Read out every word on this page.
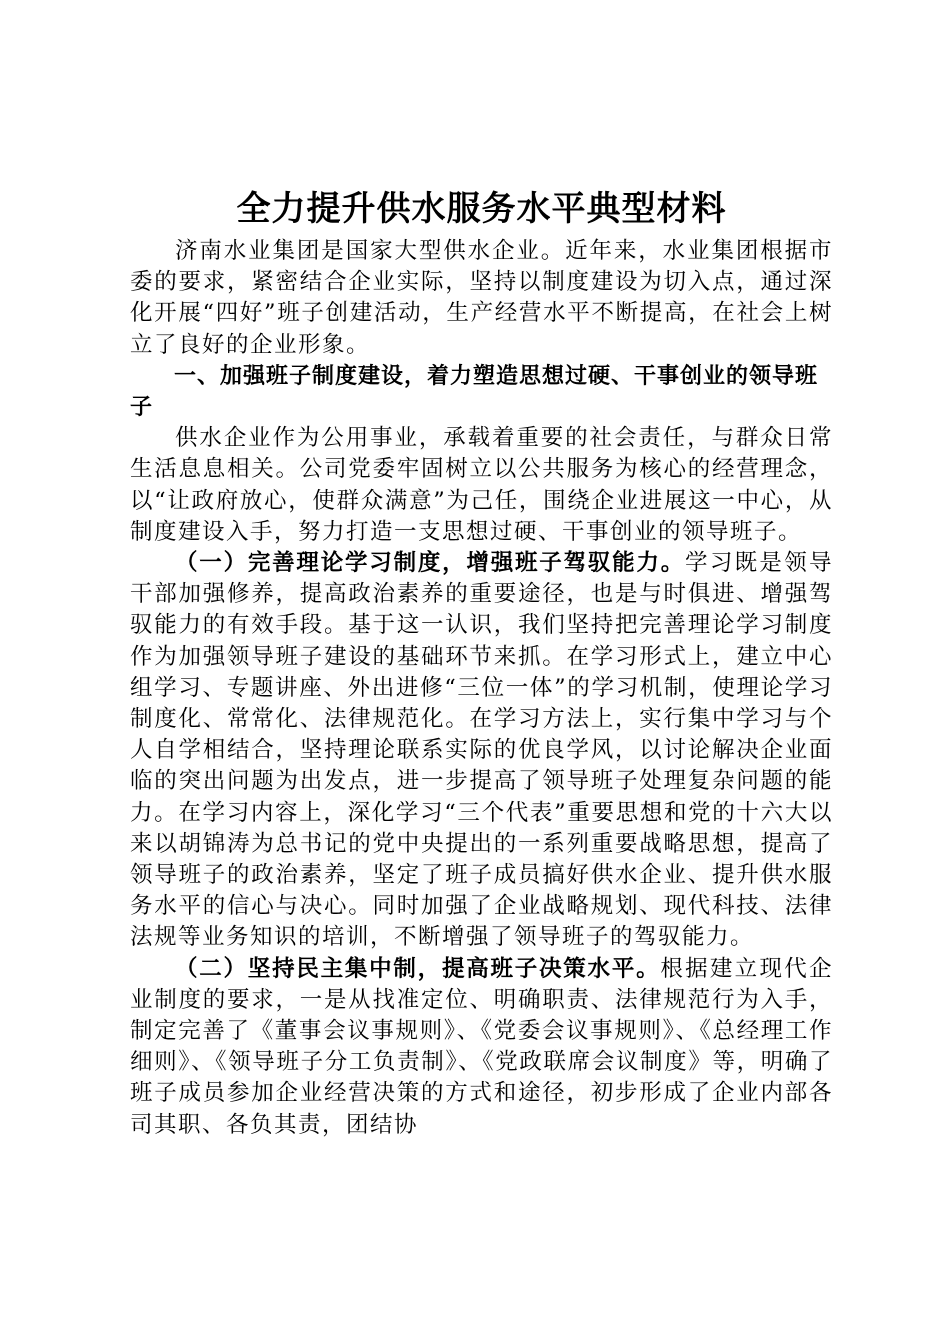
全力提升供水服务水平典型材料

济南水业集团是国家大型供水企业。近年来，水业集团根据市委的要求，紧密结合企业实际，坚持以制度建设为切入点，通过深化开展“四好”班子创建活动，生产经营水平不断提高，在社会上树立了良好的企业形象。

一、加强班子制度建设，着力塑造思想过硬、干事创业的领导班子

供水企业作为公用事业，承载着重要的社会责任，与群众日常生活息息相关。公司党委牢固树立以公共服务为核心的经营理念，以“让政府放心，使群众满意”为己任，围绕企业进展这一中心，从制度建设入手，努力打造一支思想过硬、干事创业的领导班子。

（一）完善理论学习制度，增强班子驾驭能力。学习既是领导干部加强修养，提高政治素养的重要途径，也是与时俱进、增强驾驭能力的有效手段。基于这一认识，我们坚持把完善理论学习制度作为加强领导班子建设的基础环节来抓。在学习形式上，建立中心组学习、专题讲座、外出进修“三位一体”的学习机制，使理论学习制度化、常常化、法律规范化。在学习方法上，实行集中学习与个人自学相结合，坚持理论联系实际的优良学风，以讨论解决企业面临的突出问题为出发点，进一步提高了领导班子处理复杂问题的能力。在学习内容上，深化学习“三个代表”重要思想和党的十六大以来以胡锦涛为总书记的党中央提出的一系列重要战略思想，提高了领导班子的政治素养，坚定了班子成员搞好供水企业、提升供水服务水平的信心与决心。同时加强了企业战略规划、现代科技、法律法规等业务知识的培训，不断增强了领导班子的驾驭能力。

（二）坚持民主集中制，提高班子决策水平。根据建立现代企业制度的要求，一是从找准定位、明确职责、法律规范行为入手，制定完善了《董事会议事规则》、《党委会议事规则》、《总经理工作细则》、《领导班子分工负责制》、《党政联席会议制度》等，明确了班子成员参加企业经营决策的方式和途径，初步形成了企业内部各司其职、各负其责，团结协
